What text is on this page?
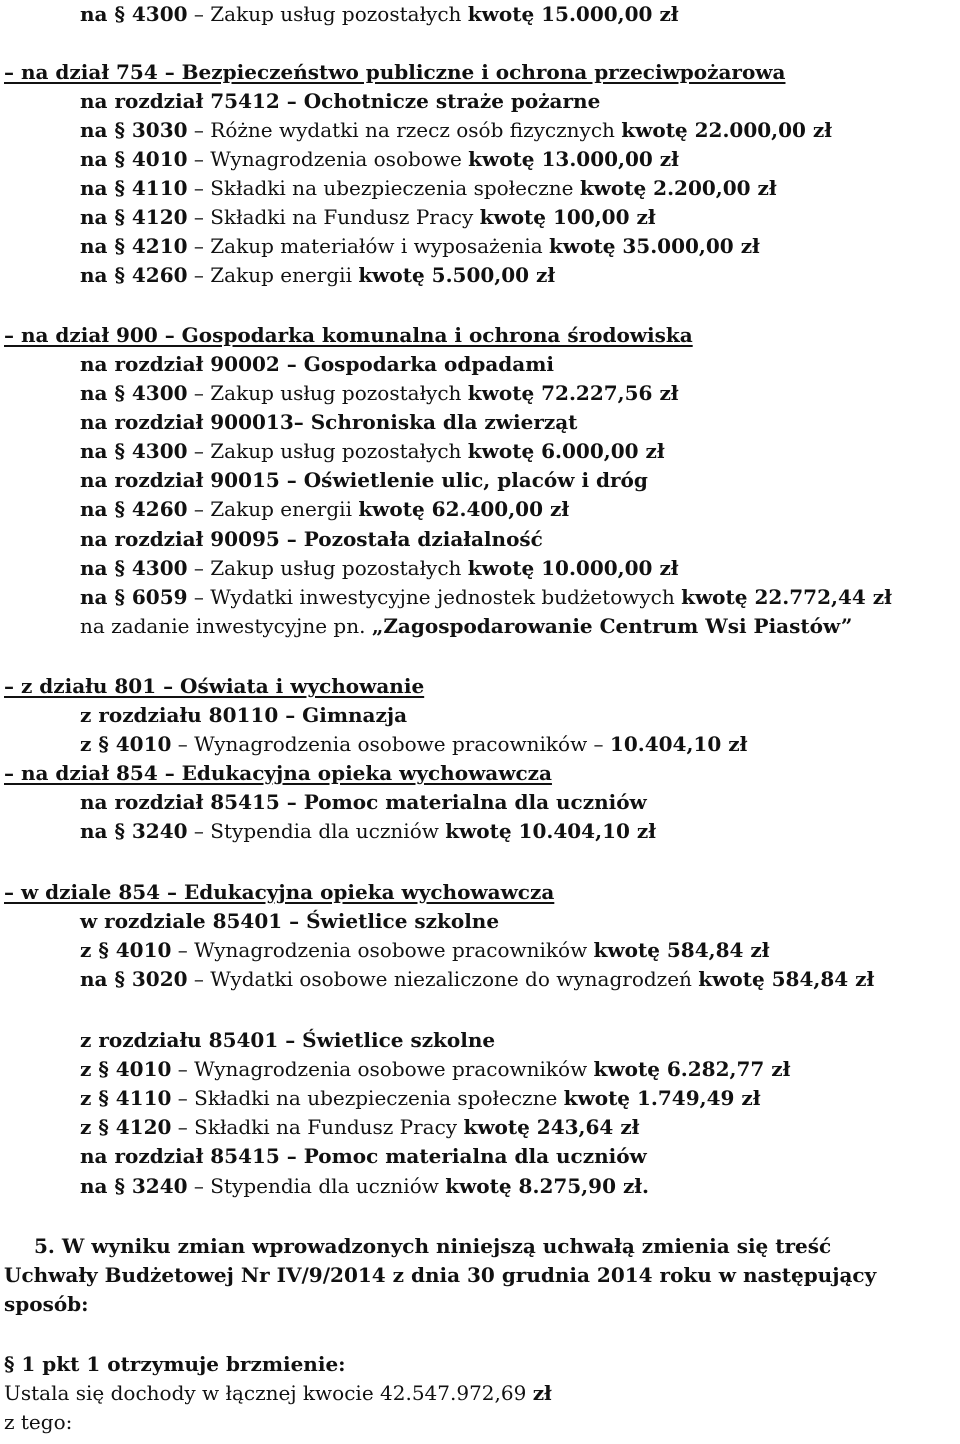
na § 4300 – Zakup usług pozostałych kwotę 15.000,00 zł
– na dział 754 – Bezpieczeństwo publiczne i ochrona przeciwpożarowa
na rozdział 75412 – Ochotnicze straże pożarne
na § 3030 – Różne wydatki na rzecz osób fizycznych kwotę 22.000,00 zł
na § 4010 – Wynagrodzenia osobowe kwotę 13.000,00 zł
na § 4110 – Składki na ubezpieczenia społeczne kwotę 2.200,00 zł
na § 4120 – Składki na Fundusz Pracy kwotę 100,00 zł
na § 4210 – Zakup materiałów i wyposażenia kwotę 35.000,00 zł
na § 4260 – Zakup energii kwotę 5.500,00 zł
– na dział 900 – Gospodarka komunalna i ochrona środowiska
na rozdział 90002 – Gospodarka odpadami
na § 4300 – Zakup usług pozostałych kwotę 72.227,56 zł
na rozdział 900013– Schroniska dla zwierząt
na § 4300 – Zakup usług pozostałych kwotę 6.000,00 zł
na rozdział 90015 – Oświetlenie ulic, placów i dróg
na § 4260 – Zakup energii kwotę 62.400,00 zł
na rozdział 90095 – Pozostała działalność
na § 4300 – Zakup usług pozostałych kwotę 10.000,00 zł
na § 6059 – Wydatki inwestycyjne jednostek budżetowych kwotę 22.772,44 zł
na zadanie inwestycyjne pn. „Zagospodarowanie Centrum Wsi Piastów”
– z działu 801 – Oświata i wychowanie
z rozdziału 80110 – Gimnazja
z § 4010 – Wynagrodzenia osobowe pracowników – 10.404,10 zł
– na dział 854 – Edukacyjna opieka wychowawcza
na rozdział 85415 – Pomoc materialna dla uczniów
na § 3240 – Stypendia dla uczniów kwotę 10.404,10 zł
– w dziale 854 – Edukacyjna opieka wychowawcza
w rozdziale 85401 – Świetlice szkolne
z § 4010 – Wynagrodzenia osobowe pracowników kwotę 584,84 zł
na § 3020 – Wydatki osobowe niezaliczone do wynagrodzeń kwotę 584,84 zł
z rozdziału 85401 – Świetlice szkolne
z § 4010 – Wynagrodzenia osobowe pracowników kwotę 6.282,77 zł
z § 4110 – Składki na ubezpieczenia społeczne kwotę 1.749,49 zł
z § 4120 – Składki na Fundusz Pracy kwotę 243,64 zł
na rozdział 85415 – Pomoc materialna dla uczniów
na § 3240 – Stypendia dla uczniów kwotę 8.275,90 zł.
5. W wyniku zmian wprowadzonych niniejszą uchwałą zmienia się treść
Uchwały Budżetowej Nr IV/9/2014 z dnia 30 grudnia 2014 roku w następujący
sposób:
§ 1 pkt 1 otrzymuje brzmienie:
Ustala się dochody w łącznej kwocie 42.547.972,69 zł
z tego:
